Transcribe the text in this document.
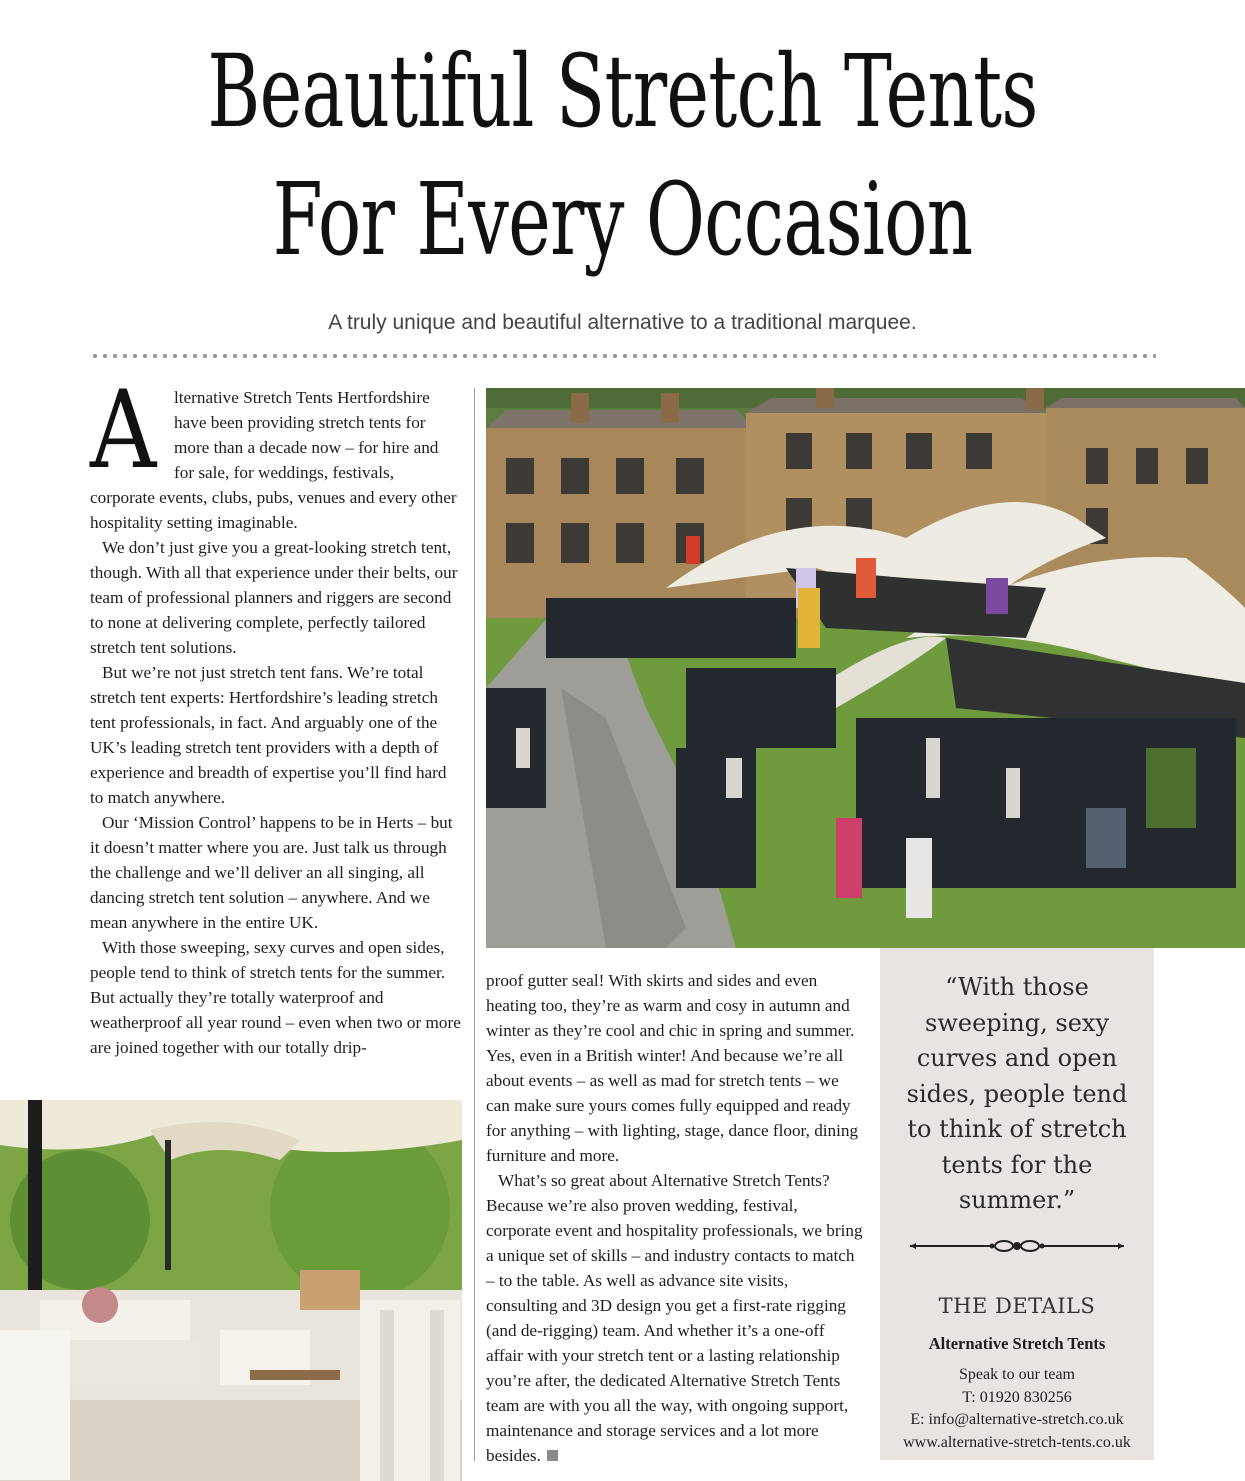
Beautiful Stretch Tents
For Every Occasion

A truly unique and beautiful alternative to a traditional marquee.

A lternative Stretch Tents Hertfordshire have been providing stretch tents for more than a decade now – for hire and for sale, for weddings, festivals, corporate events, clubs, pubs, venues and every other hospitality setting imaginable.

We don’t just give you a great-looking stretch tent, though. With all that experience under their belts, our team of professional planners and riggers are second to none at delivering complete, perfectly tailored stretch tent solutions.

But we’re not just stretch tent fans. We’re total stretch tent experts: Hertfordshire’s leading stretch tent professionals, in fact. And arguably one of the UK’s leading stretch tent providers with a depth of experience and breadth of expertise you’ll find hard to match anywhere.

Our ‘Mission Control’ happens to be in Herts – but it doesn’t matter where you are. Just talk us through the challenge and we’ll deliver an all singing, all dancing stretch tent solution – anywhere. And we mean anywhere in the entire UK.

With those sweeping, sexy curves and open sides, people tend to think of stretch tents for the summer. But actually they’re totally waterproof and weatherproof all year round – even when two or more are joined together with our totally drip-

proof gutter seal! With skirts and sides and even heating too, they’re as warm and cosy in autumn and winter as they’re cool and chic in spring and summer. Yes, even in a British winter! And because we’re all about events – as well as mad for stretch tents – we can make sure yours comes fully equipped and ready for anything – with lighting, stage, dance floor, dining furniture and more.

What’s so great about Alternative Stretch Tents? Because we’re also proven wedding, festival, corporate event and hospitality professionals, we bring a unique set of skills – and industry contacts to match – to the table. As well as advance site visits, consulting and 3D design you get a first-rate rigging (and de-rigging) team. And whether it’s a one-off affair with your stretch tent or a lasting relationship you’re after, the dedicated Alternative Stretch Tents team are with you all the way, with ongoing support, maintenance and storage services and a lot more besides.

“With those
sweeping, sexy
curves and open
sides, people tend
to think of stretch
tents for the
summer.”
THE DETAILS

Alternative Stretch Tents

Speak to our team
T: 01920 830256
E: info@alternative-stretch.co.uk
www.alternative-stretch-tents.co.uk
